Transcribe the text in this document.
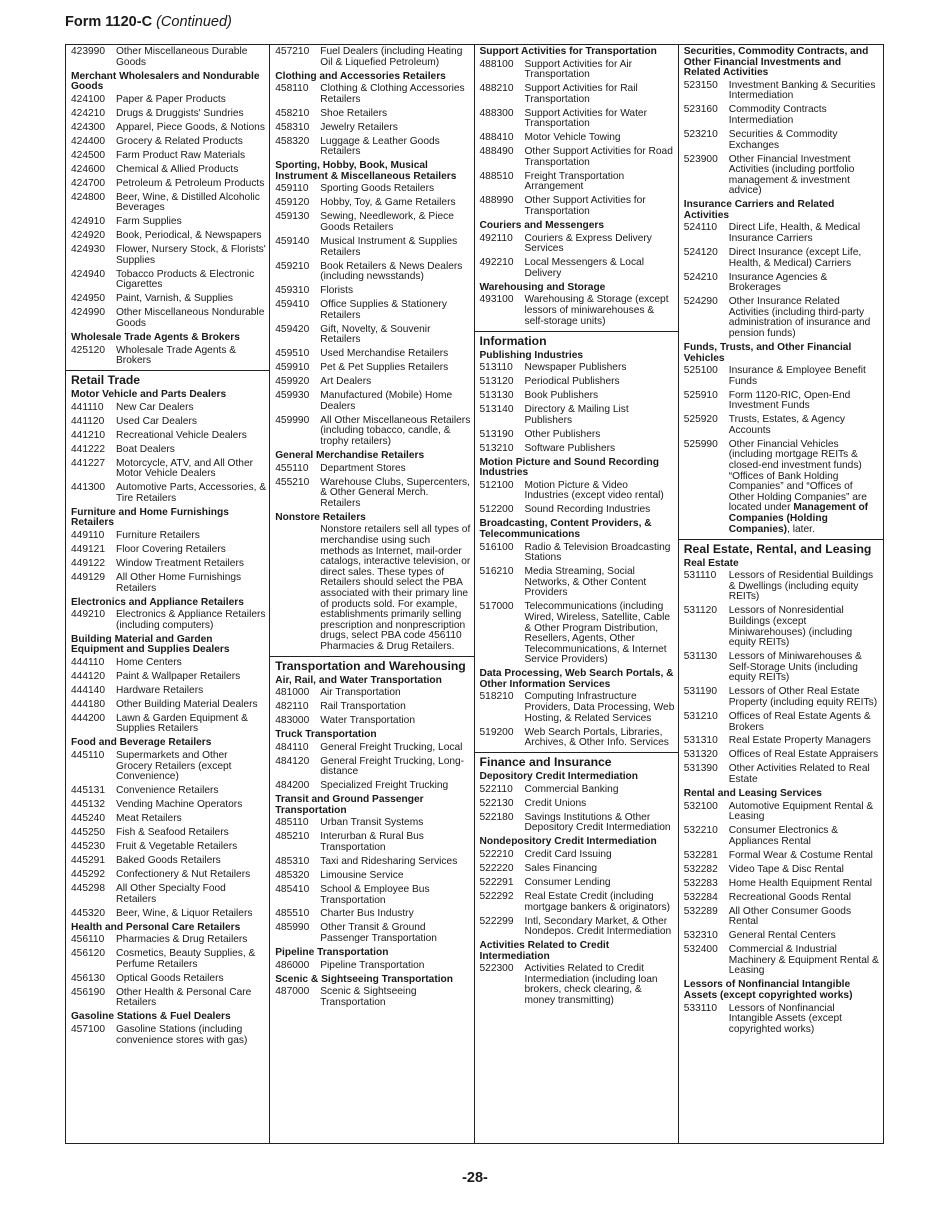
Form 1120-C (Continued)
423990	Other Miscellaneous Durable Goods
Merchant Wholesalers and Nondurable Goods
424100	Paper & Paper Products
424210	Drugs & Druggists' Sundries
424300	Apparel, Piece Goods, & Notions
424400	Grocery & Related Products
424500	Farm Product Raw Materials
424600	Chemical & Allied Products
424700	Petroleum & Petroleum Products
424800	Beer, Wine, & Distilled Alcoholic Beverages
424910	Farm Supplies
424920	Book, Periodical, & Newspapers
424930	Flower, Nursery Stock, & Florists' Supplies
424940	Tobacco Products & Electronic Cigarettes
424950	Paint, Varnish, & Supplies
424990	Other Miscellaneous Nondurable Goods
Wholesale Trade Agents & Brokers
425120	Wholesale Trade Agents & Brokers
Retail Trade
Motor Vehicle and Parts Dealers
441110	New Car Dealers
441120	Used Car Dealers
441210	Recreational Vehicle Dealers
441222	Boat Dealers
441227	Motorcycle, ATV, and All Other Motor Vehicle Dealers
441300	Automotive Parts, Accessories, & Tire Retailers
Furniture and Home Furnishings Retailers
449110	Furniture Retailers
449121	Floor Covering Retailers
449122	Window Treatment Retailers
449129	All Other Home Furnishings Retailers
Electronics and Appliance Retailers
449210	Electronics & Appliance Retailers (including computers)
Building Material and Garden Equipment and Supplies Dealers
444110	Home Centers
444120	Paint & Wallpaper Retailers
444140	Hardware Retailers
444180	Other Building Material Dealers
444200	Lawn & Garden Equipment & Supplies Retailers
Food and Beverage Retailers
445110	Supermarkets and Other Grocery Retailers (except Convenience)
445131	Convenience Retailers
445132	Vending Machine Operators
445240	Meat Retailers
445250	Fish & Seafood Retailers
445230	Fruit & Vegetable Retailers
445291	Baked Goods Retailers
445292	Confectionery & Nut Retailers
445298	All Other Specialty Food Retailers
445320	Beer, Wine, & Liquor Retailers
Health and Personal Care Retailers
456110	Pharmacies & Drug Retailers
456120	Cosmetics, Beauty Supplies, & Perfume Retailers
456130	Optical Goods Retailers
456190	Other Health & Personal Care Retailers
Gasoline Stations & Fuel Dealers
457100	Gasoline Stations (including convenience stores with gas)
457210	Fuel Dealers (including Heating Oil & Liquefied Petroleum)
Clothing and Accessories Retailers
458110	Clothing & Clothing Accessories Retailers
458210	Shoe Retailers
458310	Jewelry Retailers
458320	Luggage & Leather Goods Retailers
Sporting, Hobby, Book, Musical Instrument & Miscellaneous Retailers
459110	Sporting Goods Retailers
459120	Hobby, Toy, & Game Retailers
459130	Sewing, Needlework, & Piece Goods Retailers
459140	Musical Instrument & Supplies Retailers
459210	Book Retailers & News Dealers (including newsstands)
459310	Florists
459410	Office Supplies & Stationery Retailers
459420	Gift, Novelty, & Souvenir Retailers
459510	Used Merchandise Retailers
459910	Pet & Pet Supplies Retailers
459920	Art Dealers
459930	Manufactured (Mobile) Home Dealers
459990	All Other Miscellaneous Retailers (including tobacco, candle, & trophy retailers)
General Merchandise Retailers
455110	Department Stores
455210	Warehouse Clubs, Supercenters, & Other General Merch. Retailers
Nonstore Retailers
Nonstore retailers sell all types of merchandise using such methods as Internet, mail-order catalogs, interactive television, or direct sales. These types of Retailers should select the PBA associated with their primary line of products sold. For example, establishments primarily selling prescription and nonprescription drugs, select PBA code 456110 Pharmacies & Drug Retailers.
Transportation and Warehousing
Air, Rail, and Water Transportation
481000	Air Transportation
482110	Rail Transportation
483000	Water Transportation
Truck Transportation
484110	General Freight Trucking, Local
484120	General Freight Trucking, Long-distance
484200	Specialized Freight Trucking
Transit and Ground Passenger Transportation
485110	Urban Transit Systems
485210	Interurban & Rural Bus Transportation
485310	Taxi and Ridesharing Services
485320	Limousine Service
485410	School & Employee Bus Transportation
485510	Charter Bus Industry
485990	Other Transit & Ground Passenger Transportation
Pipeline Transportation
486000	Pipeline Transportation
Scenic & Sightseeing Transportation
487000	Scenic & Sightseeing Transportation
Support Activities for Transportation
488100	Support Activities for Air Transportation
488210	Support Activities for Rail Transportation
488300	Support Activities for Water Transportation
488410	Motor Vehicle Towing
488490	Other Support Activities for Road Transportation
488510	Freight Transportation Arrangement
488990	Other Support Activities for Transportation
Couriers and Messengers
492110	Couriers & Express Delivery Services
492210	Local Messengers & Local Delivery
Warehousing and Storage
493100	Warehousing & Storage (except lessors of miniwarehouses & self-storage units)
Information
Publishing Industries
513110	Newspaper Publishers
513120	Periodical Publishers
513130	Book Publishers
513140	Directory & Mailing List Publishers
513190	Other Publishers
513210	Software Publishers
Motion Picture and Sound Recording Industries
512100	Motion Picture & Video Industries (except video rental)
512200	Sound Recording Industries
Broadcasting, Content Providers, & Telecommunications
516100	Radio & Television Broadcasting Stations
516210	Media Streaming, Social Networks, & Other Content Providers
517000	Telecommunications (including Wired, Wireless, Satellite, Cable & Other Program Distribution, Resellers, Agents, Other Telecommunications, & Internet Service Providers)
Data Processing, Web Search Portals, & Other Information Services
518210	Computing Infrastructure Providers, Data Processing, Web Hosting, & Related Services
519200	Web Search Portals, Libraries, Archives, & Other Info. Services
Finance and Insurance
Depository Credit Intermediation
522110	Commercial Banking
522130	Credit Unions
522180	Savings Institutions & Other Depository Credit Intermediation
Nondepository Credit Intermediation
522210	Credit Card Issuing
522220	Sales Financing
522291	Consumer Lending
522292	Real Estate Credit (including mortgage bankers & originators)
522299	Intl, Secondary Market, & Other Nondepos. Credit Intermediation
Activities Related to Credit Intermediation
522300	Activities Related to Credit Intermediation (including loan brokers, check clearing, & money transmitting)
Securities, Commodity Contracts, and Other Financial Investments and Related Activities
523150	Investment Banking & Securities Intermediation
523160	Commodity Contracts Intermediation
523210	Securities & Commodity Exchanges
523900	Other Financial Investment Activities (including portfolio management & investment advice)
Insurance Carriers and Related Activities
524110	Direct Life, Health, & Medical Insurance Carriers
524120	Direct Insurance (except Life, Health, & Medical) Carriers
524210	Insurance Agencies & Brokerages
524290	Other Insurance Related Activities (including third-party administration of insurance and pension funds)
Funds, Trusts, and Other Financial Vehicles
525100	Insurance & Employee Benefit Funds
525910	Form 1120-RIC, Open-End Investment Funds
525920	Trusts, Estates, & Agency Accounts
525990	Other Financial Vehicles (including mortgage REITs & closed-end investment funds) “Offices of Bank Holding Companies” and “Offices of Other Holding Companies” are located under Management of Companies (Holding Companies), later.
Real Estate, Rental, and Leasing
Real Estate
531110	Lessors of Residential Buildings & Dwellings (including equity REITs)
531120	Lessors of Nonresidential Buildings (except Miniwarehouses) (including equity REITs)
531130	Lessors of Miniwarehouses & Self-Storage Units (including equity REITs)
531190	Lessors of Other Real Estate Property (including equity REITs)
531210	Offices of Real Estate Agents & Brokers
531310	Real Estate Property Managers
531320	Offices of Real Estate Appraisers
531390	Other Activities Related to Real Estate
Rental and Leasing Services
532100	Automotive Equipment Rental & Leasing
532210	Consumer Electronics & Appliances Rental
532281	Formal Wear & Costume Rental
532282	Video Tape & Disc Rental
532283	Home Health Equipment Rental
532284	Recreational Goods Rental
532289	All Other Consumer Goods Rental
532310	General Rental Centers
532400	Commercial & Industrial Machinery & Equipment Rental & Leasing
Lessors of Nonfinancial Intangible Assets (except copyrighted works)
533110	Lessors of Nonfinancial Intangible Assets (except copyrighted works)
-28-
